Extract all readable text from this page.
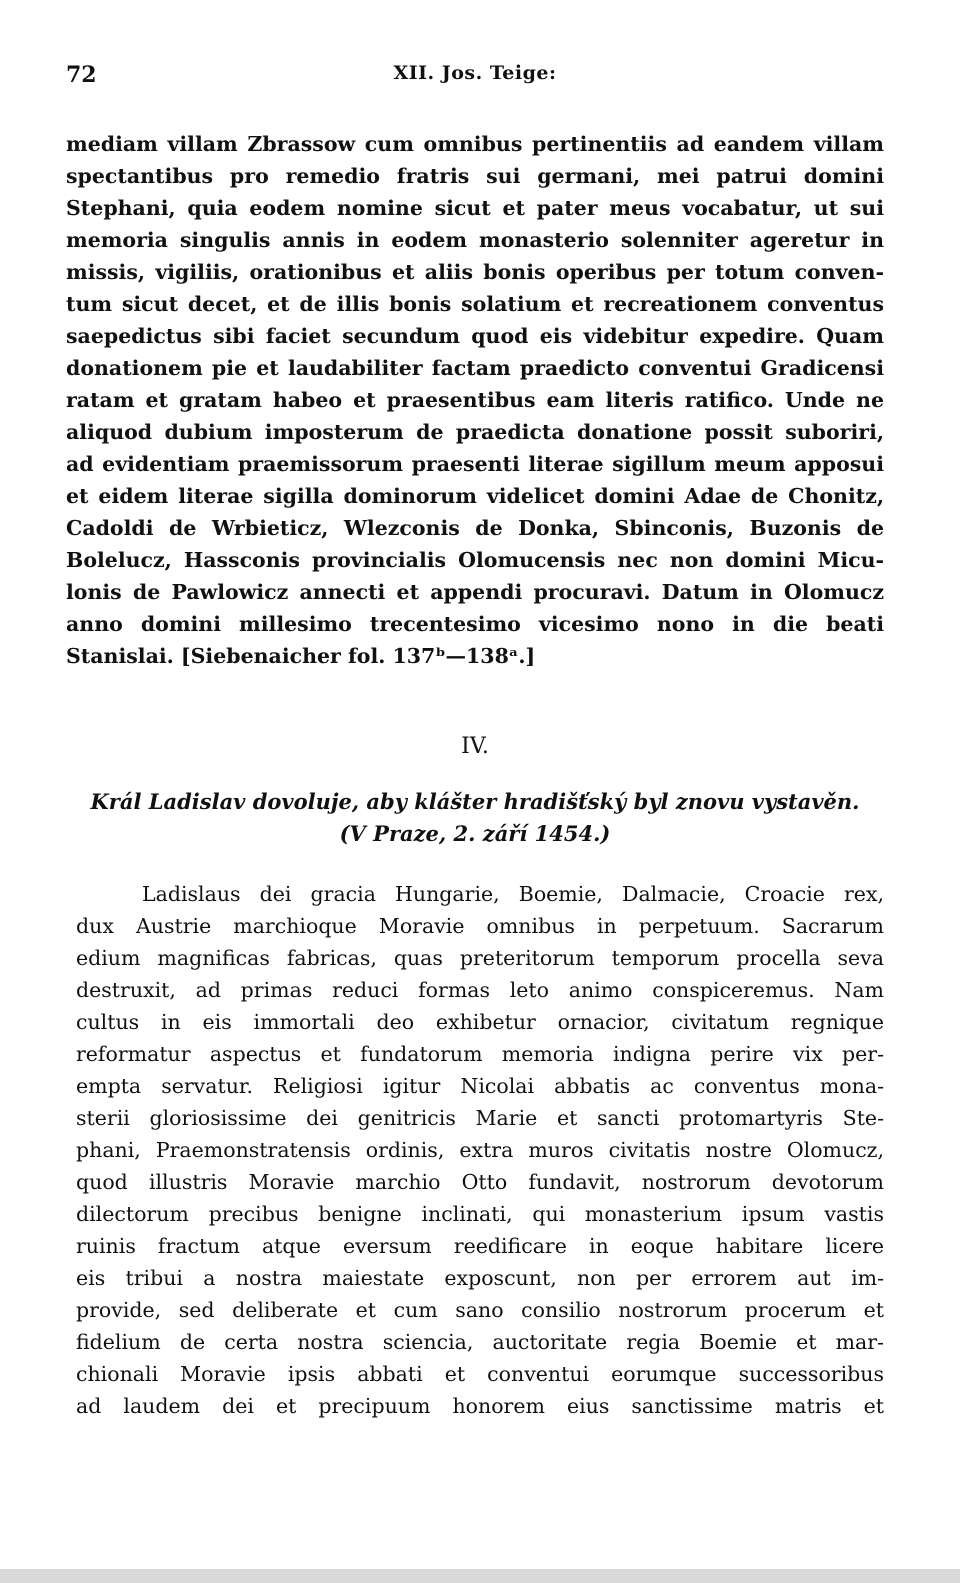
72	XII. Jos. Teige:
mediam villam Zbrassow cum omnibus pertinentiis ad eandem villam
spectantibus pro remedio fratris sui germani, mei patrui domini
Stephani, quia eodem nomine sicut et pater meus vocabatur, ut sui
memoria singulis annis in eodem monasterio solenniter ageretur in
missis, vigiliis, orationibus et aliis bonis operibus per totum conven-
tum sicut decet, et de illis bonis solatium et recreationem conventus
saepedictus sibi faciet secundum quod eis videbitur expedire. Quam
donationem pie et laudabiliter factam praedicto conventui Gradicensi
ratam et gratam habeo et praesentibus eam literis ratifico. Unde ne
aliquod dubium imposterum de praedicta donatione possit suboriri,
ad evidentiam praemissorum praesenti literae sigillum meum apposui
et eidem literae sigilla dominorum videlicet domini Adae de Chonitz,
Cadoldi de Wrbieticz, Wlezconis de Donka, Sbinconis, Buzonis de
Bolelucz, Hassconis provincialis Olomucensis nec non domini Micu-
lonis de Pawlowicz annecti et appendi procuravi. Datum in Olomucz
anno domini millesimo trecentesimo vicesimo nono in die beati
Stanislai. [Siebenaicher fol. 137ᵇ—138ᵃ.]
IV.
Král Ladislav dovoluje, aby klášter hradišťský byl znovu vystavěn.
(V Praze, 2. září 1454.)
Ladislaus dei gracia Hungarie, Boemie, Dalmacie, Croacie rex,
dux Austrie marchioque Moravie omnibus in perpetuum. Sacrarum
edium magnificas fabricas, quas preteritorum temporum procella seva
destruxit, ad primas reduci formas leto animo conspiceremus. Nam
cultus in eis immortali deo exhibetur ornacior, civitatum regnique
reformatur aspectus et fundatorum memoria indigna perire vix per-
empta servatur. Religiosi igitur Nicolai abbatis ac conventus mona-
sterii gloriosissime dei genitricis Marie et sancti protomartyris Ste-
phani, Praemonstratensis ordinis, extra muros civitatis nostre Olomucz,
quod illustris Moravie marchio Otto fundavit, nostrorum devotorum
dilectorum precibus benigne inclinati, qui monasterium ipsum vastis
ruinis fractum atque eversum reedificare in eoque habitare licere
eis tribui a nostra maiestate exposcunt, non per errorem aut im-
provide, sed deliberate et cum sano consilio nostrorum procerum et
fidelium de certa nostra sciencia, auctoritate regia Boemie et mar-
chionali Moravie ipsis abbati et conventui eorumque successoribus
ad laudem dei et precipuum honorem eius sanctissime matris et
